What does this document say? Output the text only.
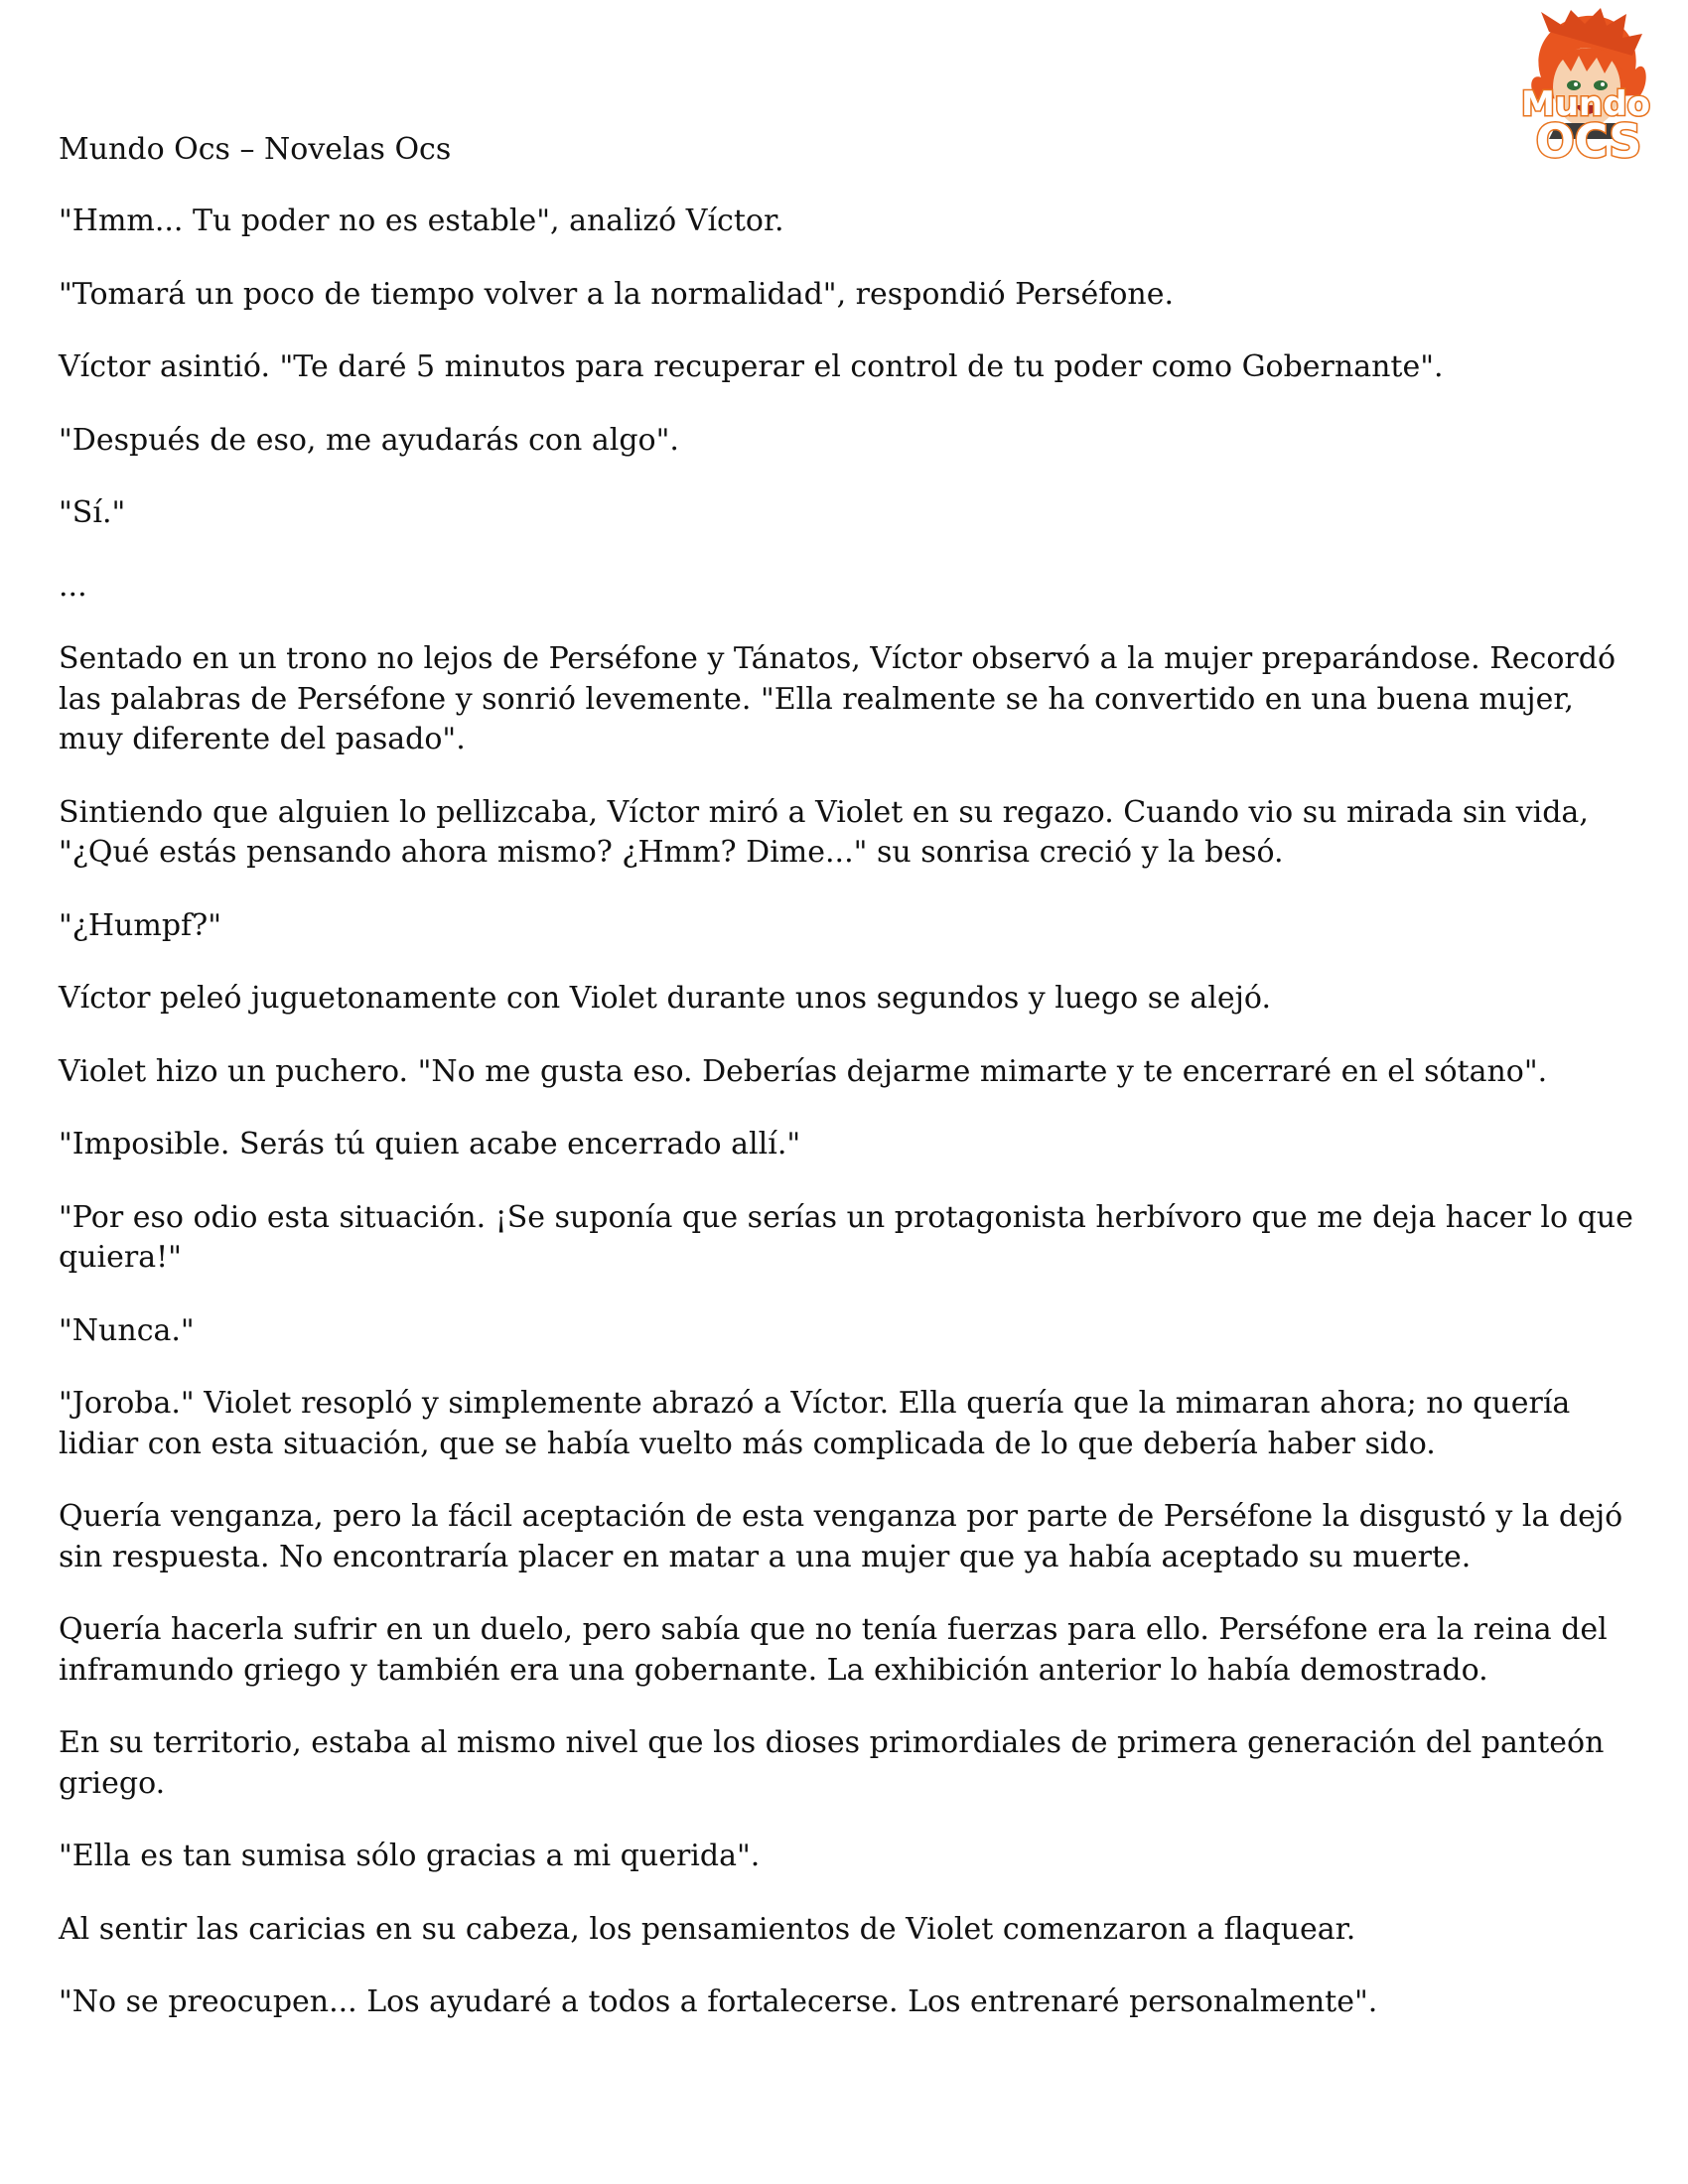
Mundo
OCS

Mundo Ocs – Novelas Ocs

"Hmm... Tu poder no es estable", analizó Víctor.

"Tomará un poco de tiempo volver a la normalidad", respondió Perséfone.

Víctor asintió. "Te daré 5 minutos para recuperar el control de tu poder como Gobernante".

"Después de eso, me ayudarás con algo".

"Sí."

...

Sentado en un trono no lejos de Perséfone y Tánatos, Víctor observó a la mujer preparándose. Recordó las palabras de Perséfone y sonrió levemente. "Ella realmente se ha convertido en una buena mujer, muy diferente del pasado".

Sintiendo que alguien lo pellizcaba, Víctor miró a Violet en su regazo. Cuando vio su mirada sin vida, "¿Qué estás pensando ahora mismo? ¿Hmm? Dime..." su sonrisa creció y la besó.

"¿Humpf?"

Víctor peleó juguetonamente con Violet durante unos segundos y luego se alejó.

Violet hizo un puchero. "No me gusta eso. Deberías dejarme mimarte y te encerraré en el sótano".

"Imposible. Serás tú quien acabe encerrado allí."

"Por eso odio esta situación. ¡Se suponía que serías un protagonista herbívoro que me deja hacer lo que quiera!"

"Nunca."

"Joroba." Violet resopló y simplemente abrazó a Víctor. Ella quería que la mimaran ahora; no quería lidiar con esta situación, que se había vuelto más complicada de lo que debería haber sido.

Quería venganza, pero la fácil aceptación de esta venganza por parte de Perséfone la disgustó y la dejó sin respuesta. No encontraría placer en matar a una mujer que ya había aceptado su muerte.

Quería hacerla sufrir en un duelo, pero sabía que no tenía fuerzas para ello. Perséfone era la reina del inframundo griego y también era una gobernante. La exhibición anterior lo había demostrado.

En su territorio, estaba al mismo nivel que los dioses primordiales de primera generación del panteón griego.

"Ella es tan sumisa sólo gracias a mi querida".

Al sentir las caricias en su cabeza, los pensamientos de Violet comenzaron a flaquear.

"No se preocupen... Los ayudaré a todos a fortalecerse. Los entrenaré personalmente".
